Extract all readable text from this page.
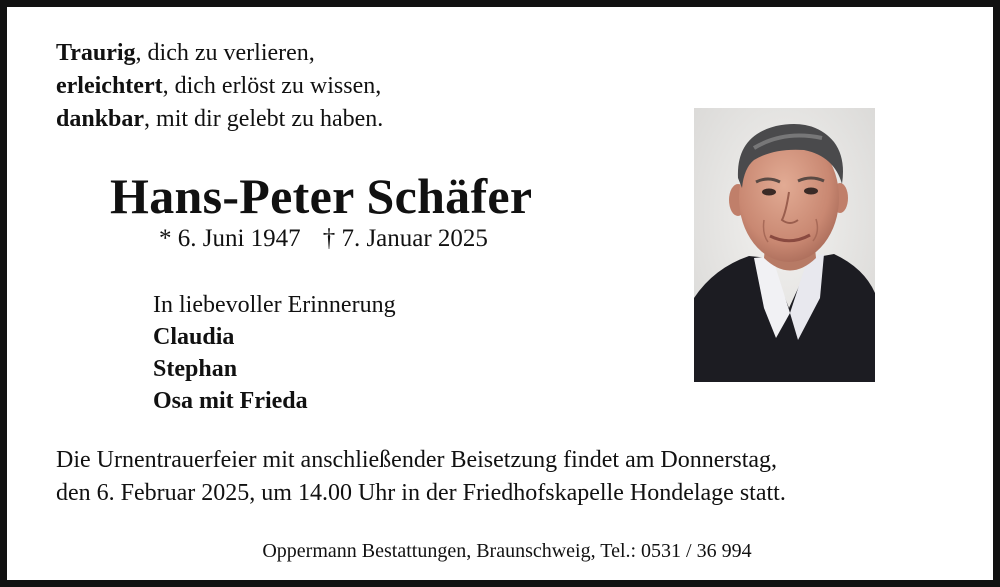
Traurig, dich zu verlieren,
erleichtert, dich erlöst zu wissen,
dankbar, mit dir gelebt zu haben.
Hans-Peter Schäfer
* 6. Juni 1947 † 7. Januar 2025
In liebevoller Erinnerung
Claudia
Stephan
Osa mit Frieda
Die Urnentrauerfeier mit anschließender Beisetzung findet am Donnerstag,
den 6. Februar 2025, um 14.00 Uhr in der Friedhofskapelle Hondelage statt.
Oppermann Bestattungen, Braunschweig, Tel.: 0531 / 36 994
